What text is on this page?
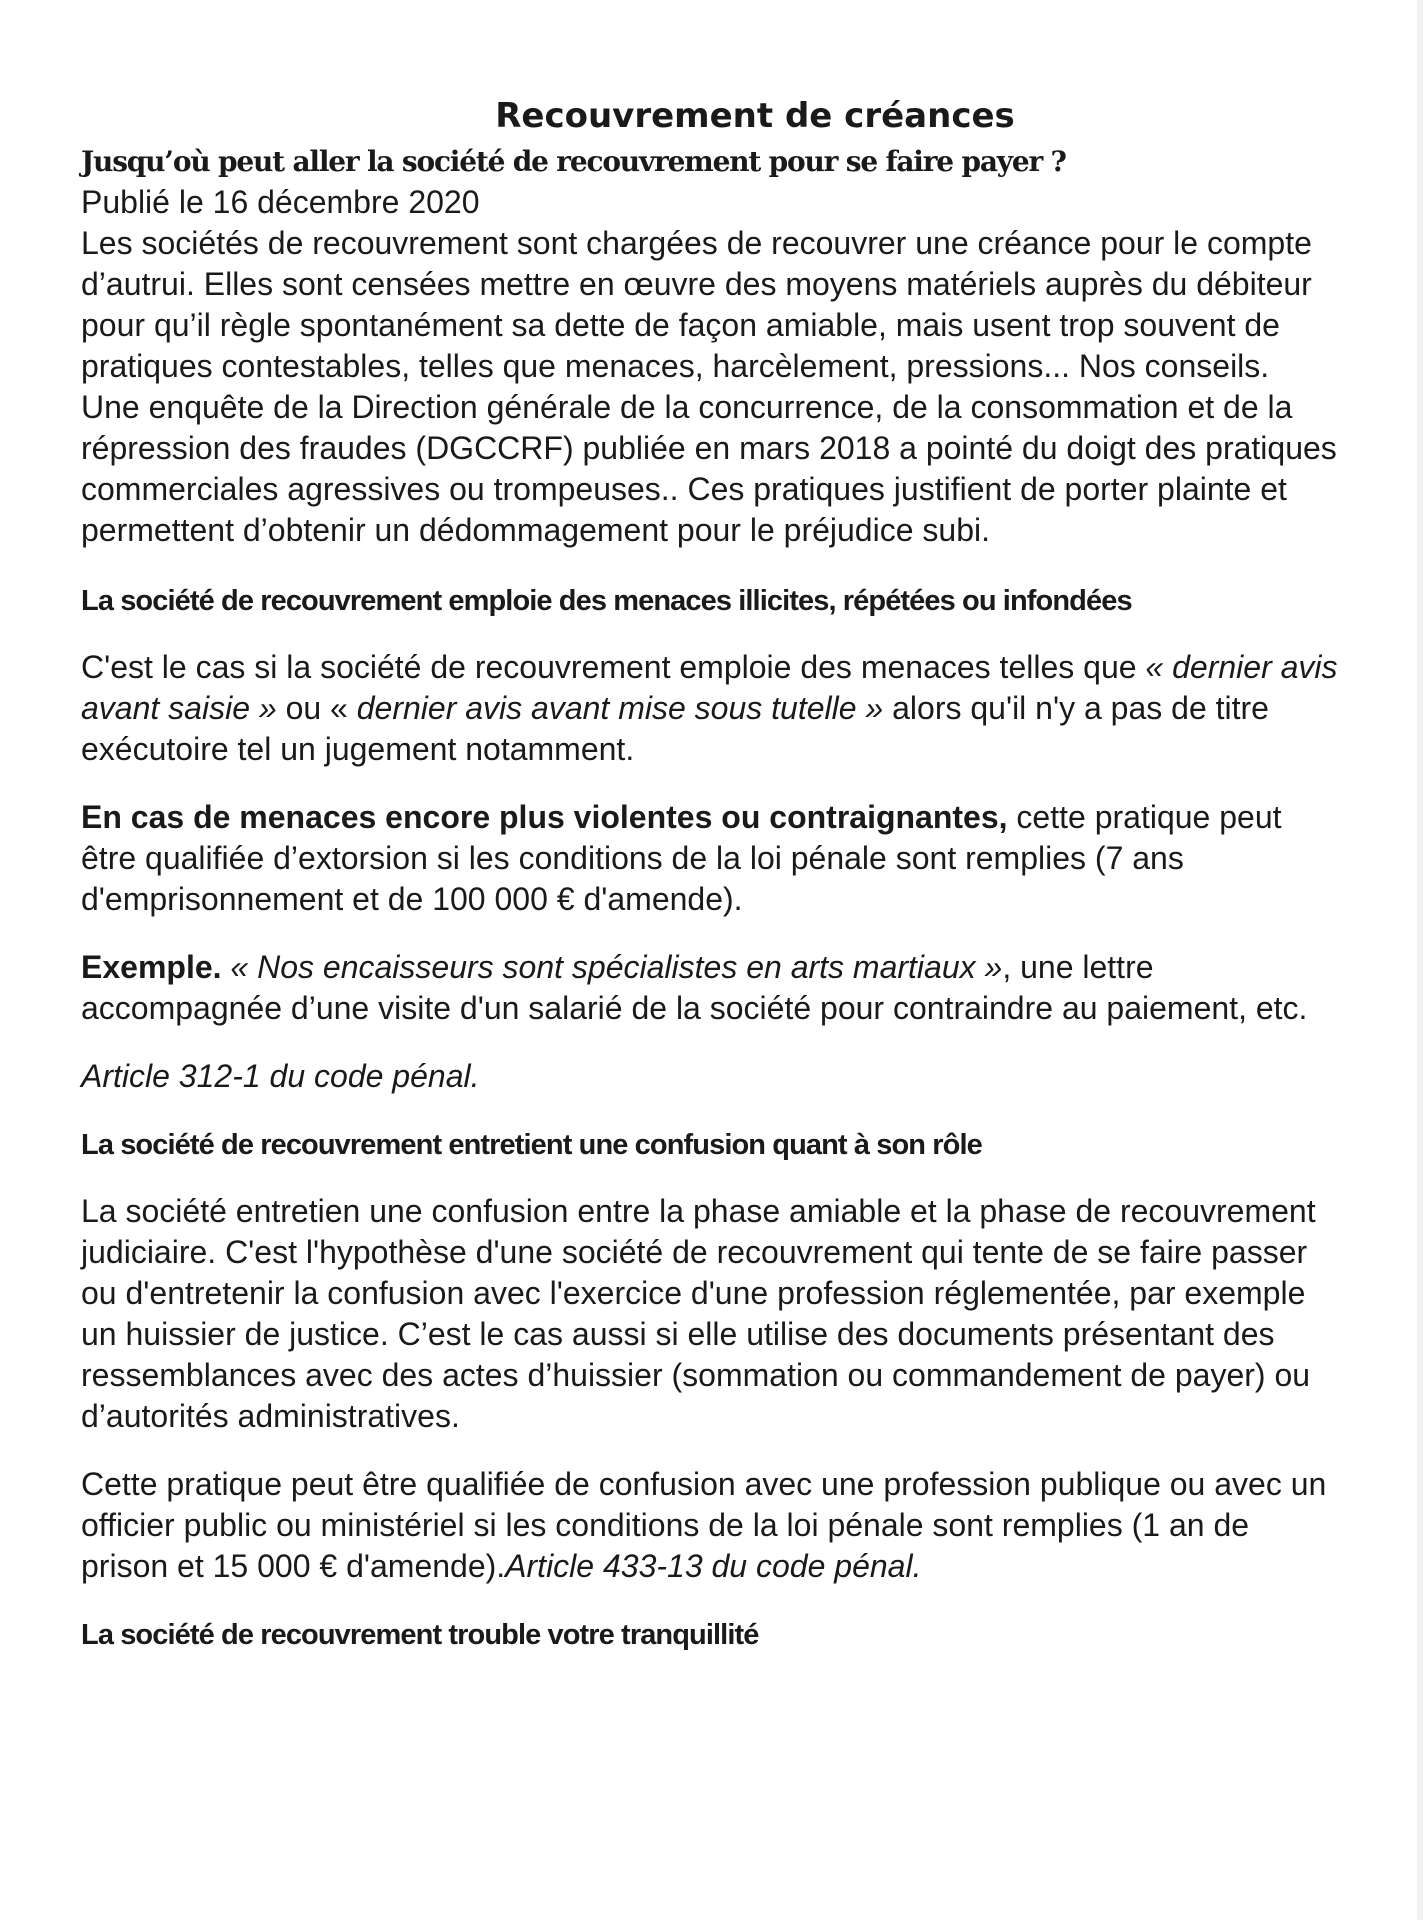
Recouvrement de créances
Jusqu’où peut aller la société de recouvrement pour se faire payer ?

Publié le 16 décembre 2020

Les sociétés de recouvrement sont chargées de recouvrer une créance pour le compte d’autrui. Elles sont censées mettre en œuvre des moyens matériels auprès du débiteur pour qu’il règle spontanément sa dette de façon amiable, mais usent trop souvent de pratiques contestables, telles que menaces, harcèlement, pressions... Nos conseils.

Une enquête de la Direction générale de la concurrence, de la consommation et de la répression des fraudes (DGCCRF) publiée en mars 2018 a pointé du doigt des pratiques commerciales agressives ou trompeuses.. Ces pratiques justifient de porter plainte et permettent d’obtenir un dédommagement pour le préjudice subi.

La société de recouvrement emploie des menaces illicites, répétées ou infondées

C'est le cas si la société de recouvrement emploie des menaces telles que « dernier avis avant saisie » ou « dernier avis avant mise sous tutelle » alors qu'il n'y a pas de titre exécutoire tel un jugement notamment.

En cas de menaces encore plus violentes ou contraignantes, cette pratique peut être qualifiée d’extorsion si les conditions de la loi pénale sont remplies (7 ans d'emprisonnement et de 100 000 € d'amende).

Exemple. « Nos encaisseurs sont spécialistes en arts martiaux », une lettre accompagnée d’une visite d'un salarié de la société pour contraindre au paiement, etc.

Article 312-1 du code pénal.

La société de recouvrement entretient une confusion quant à son rôle

La société entretien une confusion entre la phase amiable et la phase de recouvrement judiciaire. C'est l'hypothèse d'une société de recouvrement qui tente de se faire passer ou d'entretenir la confusion avec l'exercice d'une profession réglementée, par exemple un huissier de justice. C’est le cas aussi si elle utilise des documents présentant des ressemblances avec des actes d’huissier (sommation ou commandement de payer) ou d’autorités administratives.

Cette pratique peut être qualifiée de confusion avec une profession publique ou avec un officier public ou ministériel si les conditions de la loi pénale sont remplies (1 an de prison et 15 000 € d'amende).Article 433-13 du code pénal.

La société de recouvrement trouble votre tranquillité
